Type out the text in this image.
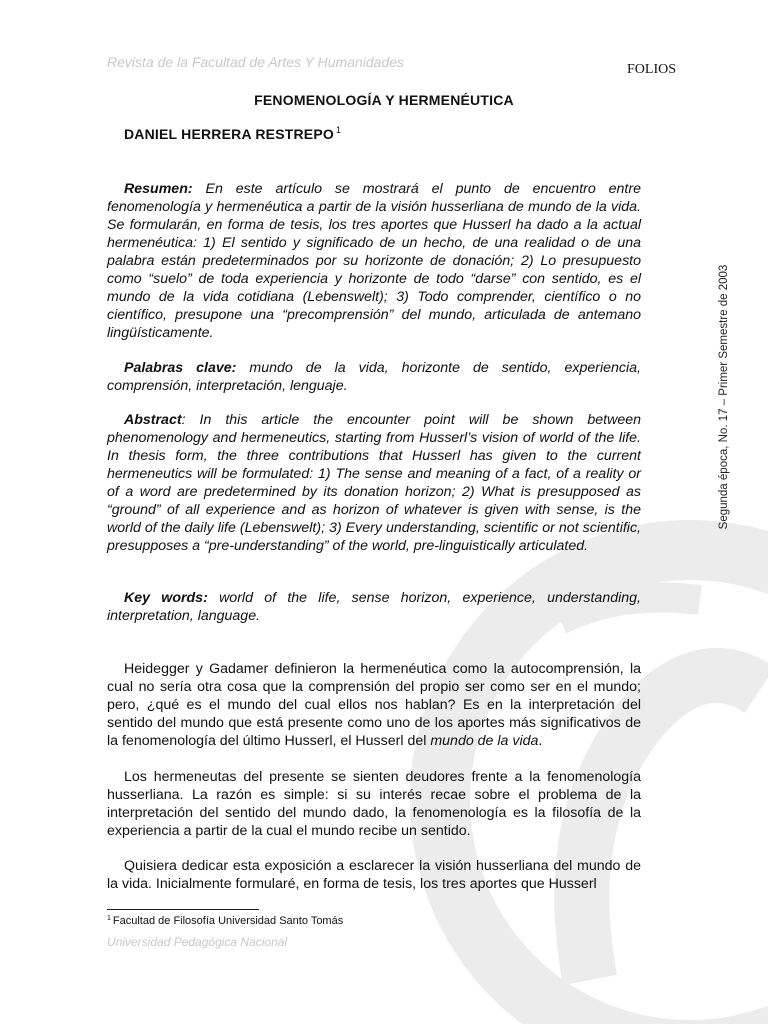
Revista de la Facultad de Artes Y Humanidades	FOLIOS
FENOMENOLOGÍA Y HERMENÉUTICA
DANIEL HERRERA RESTREPO $^1$
Segunda época, No. 17 – Primer Semestre de 2003

Resumen: En este artículo se mostrará el punto de encuentro entre fenomenología y hermenéutica a partir de la visión husserliana de mundo de la vida. Se formularán, en forma de tesis, los tres aportes que Husserl ha dado a la actual hermenéutica: 1) El sentido y significado de un hecho, de una realidad o de una palabra están predeterminados por su horizonte de donación; 2) Lo presupuesto como “suelo” de toda experiencia y horizonte de todo “darse” con sentido, es el mundo de la vida cotidiana (Lebenswelt); 3) Todo comprender, científico o no científico, presupone una “precomprensión” del mundo, articulada de antemano lingüísticamente.

Palabras clave: mundo de la vida, horizonte de sentido, experiencia, comprensión, interpretación, lenguaje.

Abstract: In this article the encounter point will be shown between phenomenology and hermeneutics, starting from Husserl’s vision of world of the life. In thesis form, the three contributions that Husserl has given to the current hermeneutics will be formulated: 1) The sense and meaning of a fact, of a reality or of a word are predetermined by its donation horizon; 2) What is presupposed as “ground” of all experience and as horizon of whatever is given with sense, is the world of the daily life (Lebenswelt); 3) Every understanding, scientific or not scientific, presupposes a “pre-understanding” of the world, pre-linguistically articulated.

Key words: world of the life, sense horizon, experience, understanding, interpretation, language.

Heidegger y Gadamer definieron la hermenéutica como la autocomprensión, la cual no sería otra cosa que la comprensión del propio ser como ser en el mundo; pero, ¿qué es el mundo del cual ellos nos hablan? Es en la interpretación del sentido del mundo que está presente como uno de los aportes más significativos de la fenomenología del último Husserl, el Husserl del mundo de la vida.

Los hermeneutas del presente se sienten deudores frente a la fenomenología husserliana. La razón es simple: si su interés recae sobre el problema de la interpretación del sentido del mundo dado, la fenomenología es la filosofía de la experiencia a partir de la cual el mundo recibe un sentido.

Quisiera dedicar esta exposición a esclarecer la visión husserliana del mundo de la vida. Inicialmente formularé, en forma de tesis, los tres aportes que Husserl

$^1$ Facultad de Filosofía Universidad Santo Tomás
Universidad Pedagógica Nacional
